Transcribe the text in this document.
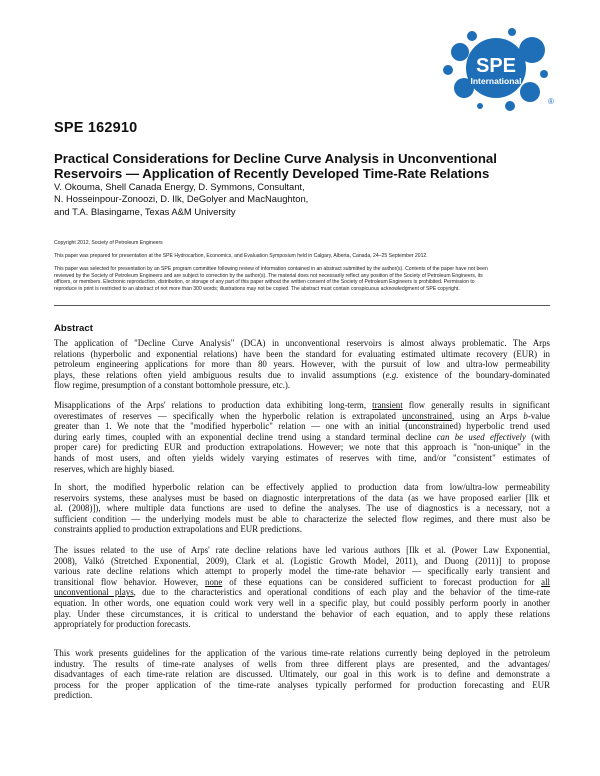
SPE
International
®
SPE 162910
Practical Considerations for Decline Curve Analysis in Unconventional
Reservoirs — Application of Recently Developed Time-Rate Relations
V. Okouma, Shell Canada Energy, D. Symmons, Consultant,
N. Hosseinpour-Zonoozi, D. Ilk, DeGolyer and MacNaughton,
and T.A. Blasingame, Texas A&M University
Copyright 2012, Society of Petroleum Engineers
This paper was prepared for presentation at the SPE Hydrocarbon, Economics, and Evaluation Symposium held in Calgary, Alberta, Canada, 24–25 September 2012.
This paper was selected for presentation by an SPE program committee following review of information contained in an abstract submitted by the author(s). Contents of the paper have not been
reviewed by the Society of Petroleum Engineers and are subject to correction by the author(s). The material does not necessarily reflect any position of the Society of Petroleum Engineers, its
officers, or members. Electronic reproduction, distribution, or storage of any part of this paper without the written consent of the Society of Petroleum Engineers is prohibited. Permission to
reproduce in print is restricted to an abstract of not more than 300 words; illustrations may not be copied. The abstract must contain conspicuous acknowledgment of SPE copyright.
Abstract
The application of "Decline Curve Analysis" (DCA) in unconventional reservoirs is almost always problematic. The Arps
relations (hyperbolic and exponential relations) have been the standard for evaluating estimated ultimate recovery (EUR) in
petroleum engineering applications for more than 80 years. However, with the pursuit of low and ultra-low permeability
plays, these relations often yield ambiguous results due to invalid assumptions (e.g. existence of the boundary-dominated
flow regime, presumption of a constant bottomhole pressure, etc.).
Misapplications of the Arps' relations to production data exhibiting long-term, transient flow generally results in significant
overestimates of reserves — specifically when the hyperbolic relation is extrapolated unconstrained, using an Arps b-value
greater than 1. We note that the "modified hyperbolic" relation — one with an initial (unconstrained) hyperbolic trend used
during early times, coupled with an exponential decline trend using a standard terminal decline can be used effectively (with
proper care) for predicting EUR and production extrapolations. However; we note that this approach is "non-unique" in the
hands of most users, and often yields widely varying estimates of reserves with time, and/or "consistent" estimates of
reserves, which are highly biased.
In short, the modified hyperbolic relation can be effectively applied to production data from low/ultra-low permeability
reservoirs systems, these analyses must be based on diagnostic interpretations of the data (as we have proposed earlier [Ilk et
al. (2008)]), where multiple data functions are used to define the analyses. The use of diagnostics is a necessary, not a
sufficient condition — the underlying models must be able to characterize the selected flow regimes, and there must also be
constraints applied to production extrapolations and EUR predictions.
The issues related to the use of Arps' rate decline relations have led various authors [Ilk et al. (Power Law Exponential,
2008), Valkó (Stretched Exponential, 2009), Clark et al. (Logistic Growth Model, 2011), and Duong (2011)] to propose
various rate decline relations which attempt to properly model the time-rate behavior — specifically early transient and
transitional flow behavior. However, none of these equations can be considered sufficient to forecast production for all
unconventional plays, due to the characteristics and operational conditions of each play and the behavior of the time-rate
equation. In other words, one equation could work very well in a specific play, but could possibly perform poorly in another
play. Under these circumstances, it is critical to understand the behavior of each equation, and to apply these relations
appropriately for production forecasts.
This work presents guidelines for the application of the various time-rate relations currently being deployed in the petroleum
industry. The results of time-rate analyses of wells from three different plays are presented, and the advantages/
disadvantages of each time-rate relation are discussed. Ultimately, our goal in this work is to define and demonstrate a
process for the proper application of the time-rate analyses typically performed for production forecasting and EUR
prediction.
